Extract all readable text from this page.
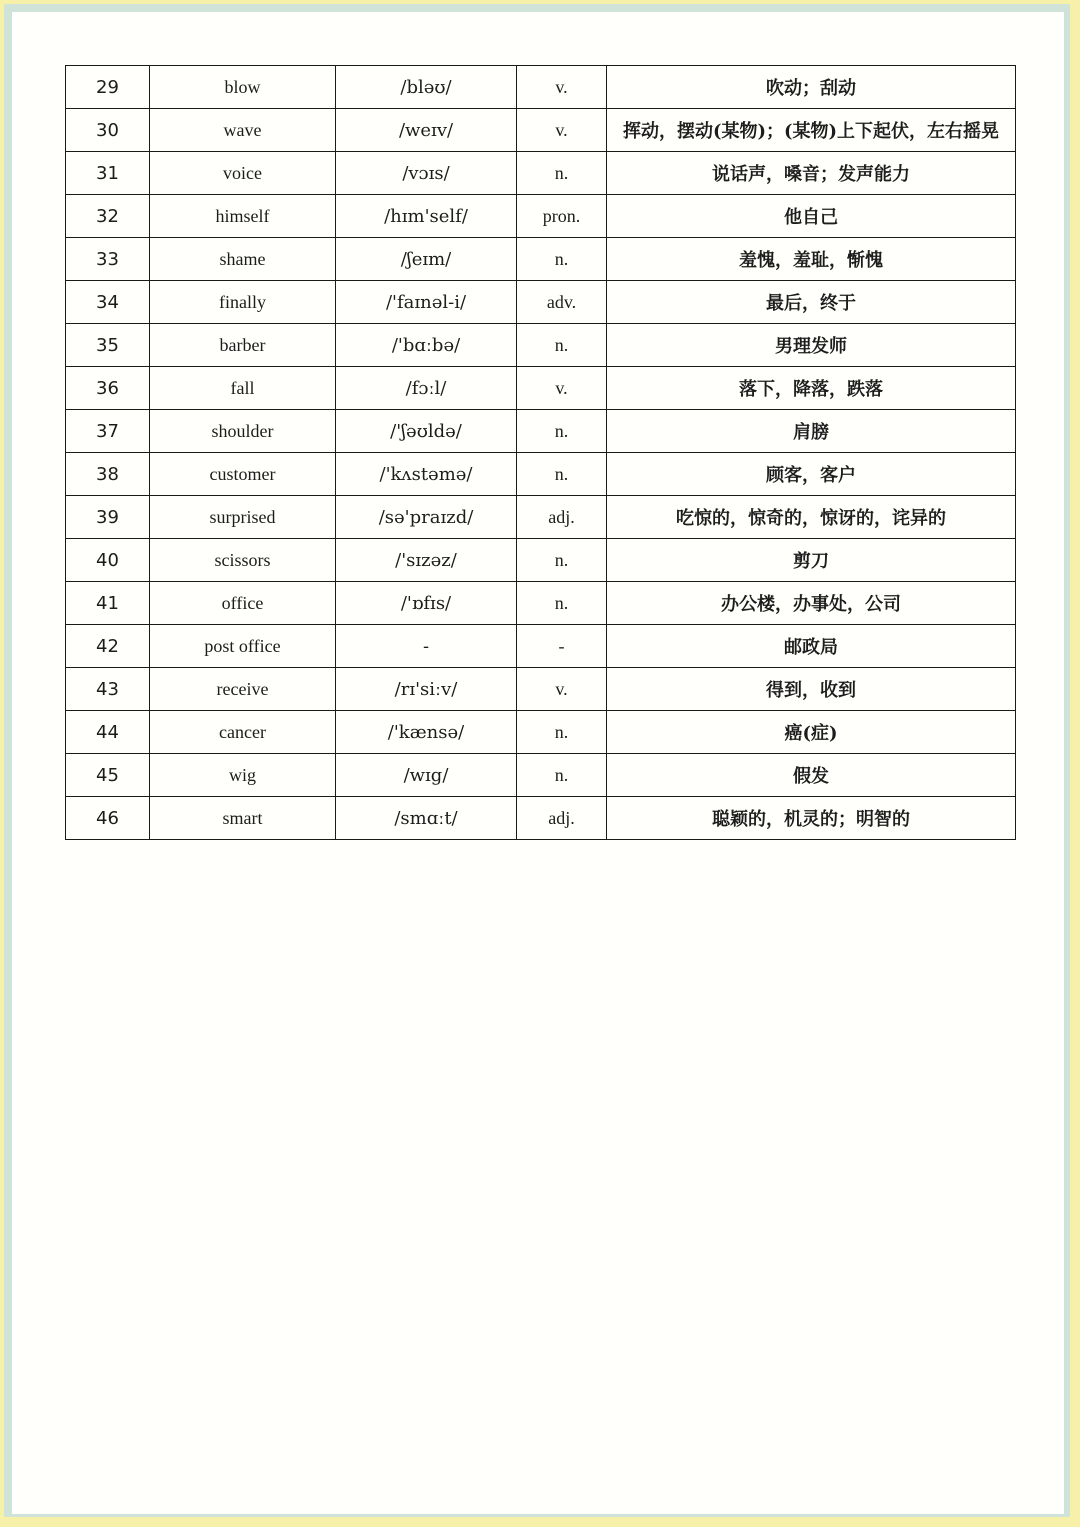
29	blow	/bləʊ/	v.	吹动；刮动
30	wave	/weɪv/	v.	挥动，摆动(某物)；(某物)上下起伏，左右摇晃
31	voice	/vɔɪs/	n.	说话声，嗓音；发声能力
32	himself	/hɪm'self/	pron.	他自己
33	shame	/ʃeɪm/	n.	羞愧，羞耻，惭愧
34	finally	/'faɪnəl-i/	adv.	最后，终于
35	barber	/'bɑːbə/	n.	男理发师
36	fall	/fɔːl/	v.	落下，降落，跌落
37	shoulder	/'ʃəʊldə/	n.	肩膀
38	customer	/'kʌstəmə/	n.	顾客，客户
39	surprised	/sə'praɪzd/	adj.	吃惊的，惊奇的，惊讶的，诧异的
40	scissors	/'sɪzəz/	n.	剪刀
41	office	/'ɒfɪs/	n.	办公楼，办事处，公司
42	post office	-	-	邮政局
43	receive	/rɪ'siːv/	v.	得到，收到
44	cancer	/'kænsə/	n.	癌(症)
45	wig	/wɪg/	n.	假发
46	smart	/smɑːt/	adj.	聪颖的，机灵的；明智的
